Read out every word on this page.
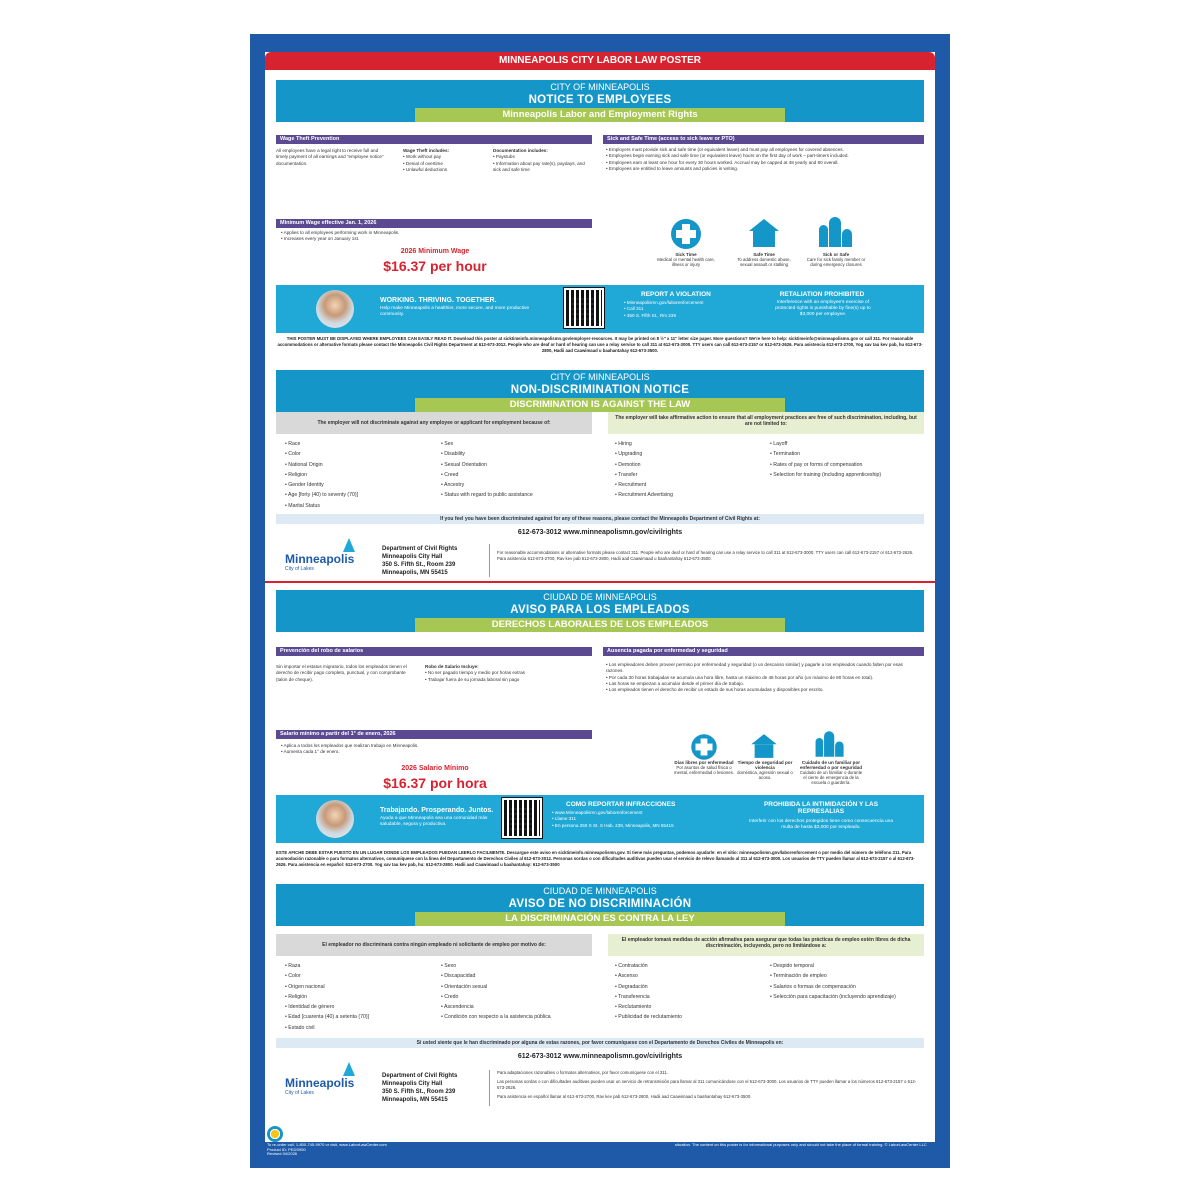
MINNEAPOLIS CITY LABOR LAW POSTER
CITY OF MINNEAPOLIS
NOTICE TO EMPLOYEES
Minneapolis Labor and Employment Rights
Wage Theft Prevention
All employees have a legal right to receive full and timely payment of all earnings and “employee notice” documentation.
Wage Theft includes:
• Work without pay
• Denial of overtime
• Unlawful deductions
Documentation includes:
• Paystubs
• Information about pay rate(s), paydays, and sick and safe time
Minimum Wage effective Jan. 1, 2026
• Applies to all employees performing work in Minneapolis.
• Increases every year on January 1st.
2026 Minimum Wage
$16.37 per hour
Sick and Safe Time (access to sick leave or PTO)
• Employers must provide sick and safe time (or equivalent leave) and must pay all employees for covered absences.
• Employees begin earning sick and safe time (or equivalent leave) hours on the first day of work – part-timers included.
• Employees earn at least one hour for every 30 hours worked. Accrual may be capped at 48 yearly and 80 overall.
• Employees are entitled to leave amounts and policies in writing.
Sick Time
Medical or mental health care, illness or injury
Safe Time
To address domestic abuse, sexual assault or stalking
Sick or Safe
Care for sick family member or during emergency closures
WORKING. THRIVING. TOGETHER.
Help make Minneapolis a healthier, more secure, and more productive community.
REPORT A VIOLATION
• Minneapolismn.gov/laborenforcement
• Call 311
• 350 S. Fifth St., Rm 239
RETALIATION PROHIBITED
Interference with an employee's exercise of protected rights is punishable by fine(s) up to $3,000 per employee.
THIS POSTER MUST BE DISPLAYED WHERE EMPLOYEES CAN EASILY READ IT. Download this poster at sicktimeinfo.minneapolismn.gov/employer-resources. It may be printed on 8 ½" x 11" letter size paper. More questions? We're here to help: sicktimeinfo@minneapolismn.gov or call 311. For reasonable accommodations or alternative formats please contact the Minneapolis Civil Rights Department at 612-673-3012. People who are deaf or hard of hearing can use a relay service to call 311 at 612-673-3000. TTY users can call 612-673-2157 or 612-673-2626. Para asistencia 612-673-2700, Yog xav tau kev pab, hu 612-673-2800, Hadii aad Caawimaad u baahantahay 612-673-3500.
CITY OF MINNEAPOLIS
NON-DISCRIMINATION NOTICE
DISCRIMINATION IS AGAINST THE LAW
The employer will not discriminate against any employee or applicant for employment because of:
• Race
• Color
• National Origin
• Religion
• Gender Identity
• Age [forty (40) to seventy (70)]
• Marital Status
• Sex
• Disability
• Sexual Orientation
• Creed
• Ancestry
• Status with regard to public assistance
The employer will take affirmative action to ensure that all employment practices are free of such discrimination, including, but are not limited to:
• Hiring
• Upgrading
• Demotion
• Transfer
• Recruitment
• Recruitment Advertising
• Layoff
• Termination
• Rates of pay or forms of compensation
• Selection for training (including apprenticeship)
If you feel you have been discriminated against for any of these reasons, please contact the Minneapolis Department of Civil Rights at:
612-673-3012 www.minneapolismn.gov/civilrights
Minneapolis
City of Lakes
Department of Civil Rights
Minneapolis City Hall
350 S. Fifth St., Room 239
Minneapolis, MN 55415
For reasonable accommodations or alternative formats please contact 311. People who are deaf or hard of hearing can use a relay service to call 311 at 612-673-3000. TTY users can call 612-673-2157 or 612-673-2626. Para asistencia 612-673-2700, Rav kev pab 612-673-2800, Hadii aad Caawimaad u baahantahay 612-673-3500.
CIUDAD DE MINNEAPOLIS
AVISO PARA LOS EMPLEADOS
DERECHOS LABORALES DE LOS EMPLEADOS
Prevención del robo de salarios
Sin importar el estatus migratorio, todos los empleados tienen el derecho de recibir pago completo, punctual, y con comprobante (talon de cheque).
Robo de Salario Incluye:
• No ser pagado tiempo y medio por horas extras
• Trabajar fuera de su jornada laboral sin pago
Salario mínimo a partir del 1° de enero, 2026
• Aplica a todos los empleados que realizan trabajo en Minneapolis.
• Aumenta cada 1° de enero.
2026 Salario Mínimo
$16.37 por hora
Ausencia pagada por enfermedad y seguridad
• Los empleadores deben proveer permiso por enfermedad y seguridad (o un descanso similar) y pagarle a los empleados cuando falten por esas razones.
• Por cada 30 horas trabajadas se acumula una hora libre, hasta un máximo de 48 horas por año (un máximo de 80 horas en total).
• Las horas se empiezan a acumular desde el primer día de trabajo.
• Los empleados tienen el derecho de recibir un estado de sus horas acumuladas y disponibles por escrito.
Días libres por enfermedad
Por asuntos de salud física o mental, enfermedad o lesiones.
Tiempo de seguridad por violencia
doméstica, agresión sexual o acoso.
Cuidado de un familiar por enfermedad o por seguridad
Cuidado de un familiar o durante el cierre de emergencia de la escuela o guardería.
Trabajando. Prosperando. Juntos.
Ayuda a que Minneapolis sea una comunidad más saludable, segura y productiva.
COMO REPORTAR INFRACCIONES
• www.Minneapolismn.gov/laborenforcement
• Llame 311
• En persona 350 S St. S Hab. 239, Minneapolis, MN 55415
PROHIBIDA LA INTIMIDACIÓN Y LAS REPRESALIAS
Interferir con los derechos protegidos tiene como consecuencia una multa de hasta $3,000 por empleado.
ESTE AFICHE DEBE ESTAR PUESTO EN UN LUGAR DONDE LOS EMPLEADOS PUEDAN LEERLO FACILMENTE. Descargue este aviso en sicktimeinfo.minneapolismn.gov. Si tiene más preguntas, podemos ayudarle: en el sitio: minneapolismn.gov/laborenforcement o por medio del número de teléfono 311. Para acomodación razonable o para formatos alternativos, comuníquese con la línea del Departamento de Derechos Civiles al 612-673-3012. Personas sordas o con dificultades auditivas pueden usar el servicio de relevo llamando al 311 al 612-673-3000. Los usuarios de TTY pueden llamar al 612-673-2157 o al 612-673-2626. Para asistencia en español: 612-673-2700. Yog xav tau kev pab, hu: 612-673-2800. Hadii aad Caawimaad u baahantahay: 612-673-3500
CIUDAD DE MINNEAPOLIS
AVISO DE NO DISCRIMINACIÓN
LA DISCRIMINACIÓN ES CONTRA LA LEY
El empleador no discriminará contra ningún empleado ni solicitante de empleo por motivo de:
• Raza
• Color
• Origen nacional
• Religión
• Identidad de género
• Edad [cuarenta (40) a setenta (70)]
• Estado civil
• Sexo
• Discapacidad
• Orientación sexual
• Credo
• Ascendencia
• Condición con respecto a la asistencia pública
El empleador tomará medidas de acción afirmativa para asegurar que todas las prácticas de empleo estén libres de dicha discriminación, incluyendo, pero no limitándose a:
• Contratación
• Ascenso
• Degradación
• Transferencia
• Reclutamiento
• Publicidad de reclutamiento
• Despido temporal
• Terminación de empleo
• Salarios o formas de compensación
• Selección para capacitación (incluyendo aprendizaje)
Si usted siente que le han discriminado por alguna de estas razones, por favor comuníquese con el Departamento de Derechos Civiles de Minneapolis en:
612-673-3012 www.minneapolismn.gov/civilrights
Minneapolis
City of Lakes
Department of Civil Rights
Minneapolis City Hall
350 S. Fifth St., Room 239
Minneapolis, MN 55415
Para adaptaciones razonables o formatos alternativos, por favor comuníquese con el 311.
Las personas sordas o con dificultades auditivas pueden usar un servicio de retransmisión para llamar al 311 comunicándose con el 612-673-3000. Los usuarios de TTY pueden llamar a los números 612-673-2157 o 612-673-2626.
Para asistencia en español llamar al 612-673-2700, Rav kev pab 612-673-2800, Hadii aad Caawimaad u baahantahay 612-673-3500.
LaborLawCenter
An OutSolve Company
To re-order call, 1-800-745-9970 or visit, www.LaborLawCenter.com
Product ID: PEDS950
Revised 04/2026
LaborLawCenter LLC does NOT assume responsibility for the use, actions, or decisions made by the employer. LaborLawCenter LLC is NOT providing any legal advice or legal opinion by selling this poster. It is highly recommended that you consult with a legal advisor for your specific situation. The content on this poster is for informational purposes only and should not take the place of formal training. © LaborLawCenter LLC
